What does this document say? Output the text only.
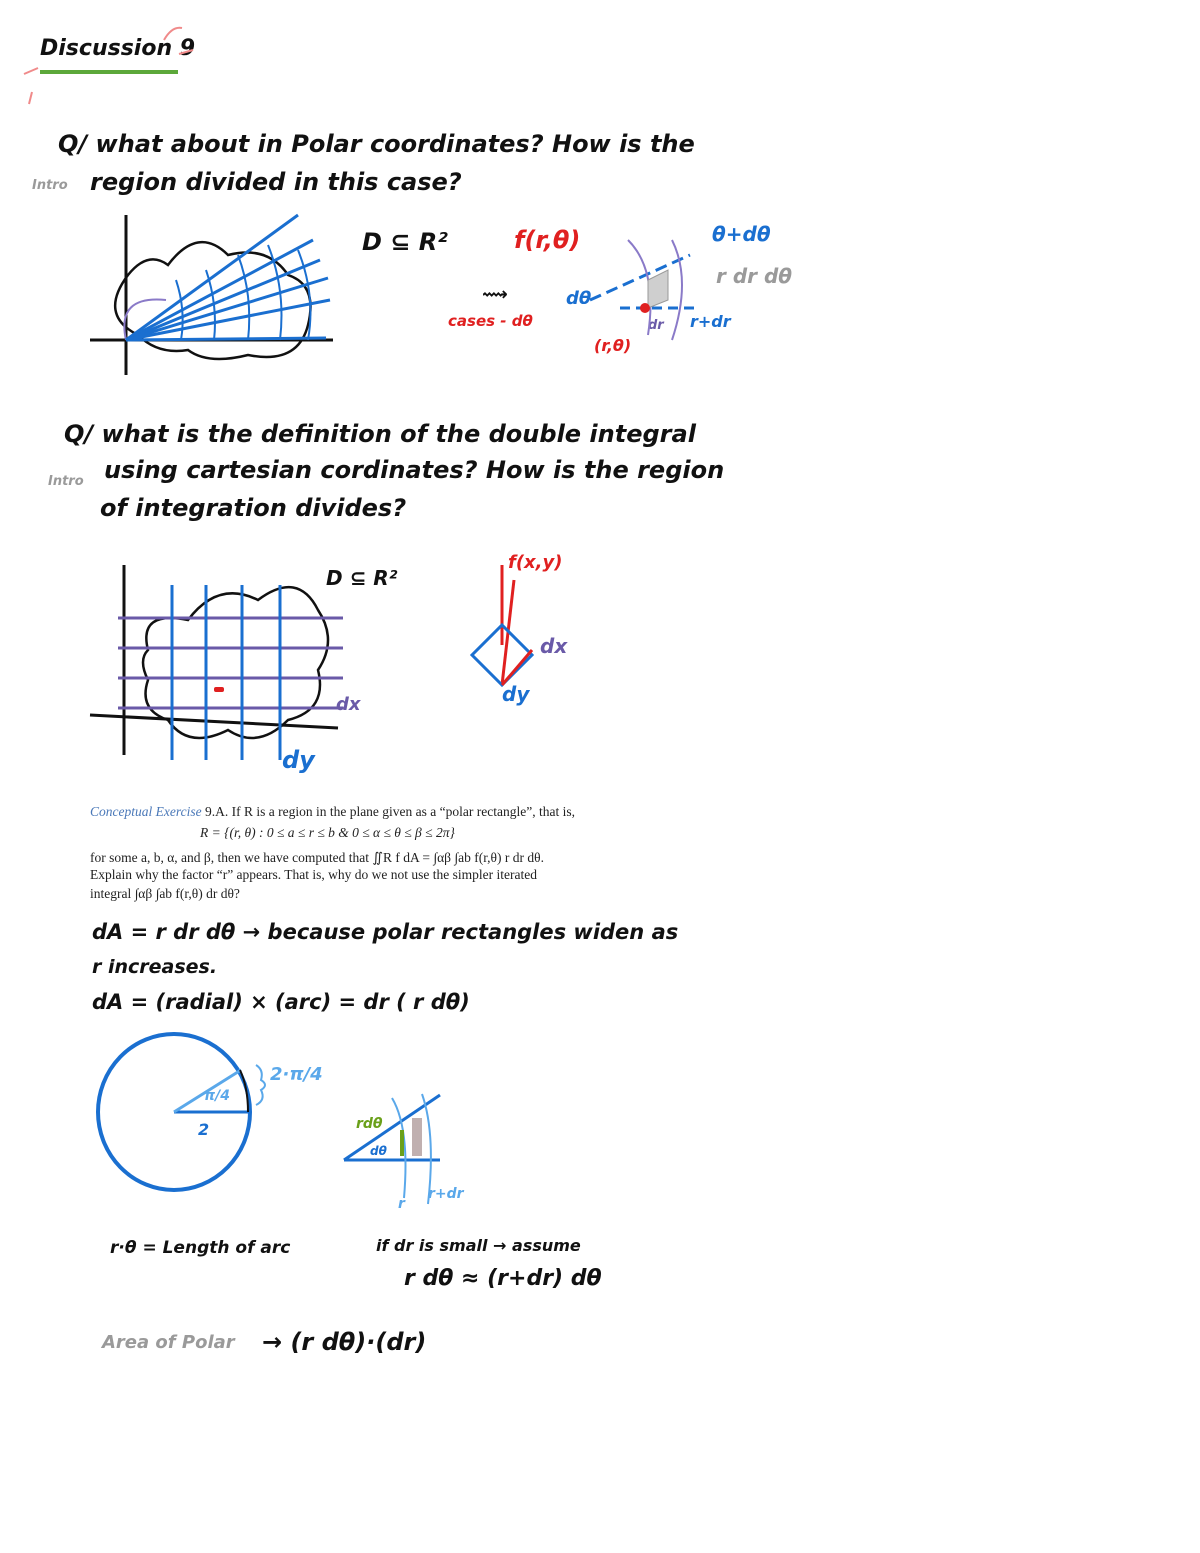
Discussion 9
Q/ what about in Polar coordinates? How is the
region divided in this case?
Intro
D ⊆ R²	f(r,θ)	θ+dθ
r dr dθ
⟿
cases - dθ
dθ
(r,θ)
dr r+dr
Q/ what is the definition of the double integral
using cartesian cordinates? How is the region
of integration divides?
Intro
D ⊆ R²
dx
dy
f(x,y)
dx
dy
Conceptual Exercise 9.A. If R is a region in the plane given as a “polar rectangle”, that is,
R = {(r, θ) : 0 ≤ a ≤ r ≤ b & 0 ≤ α ≤ θ ≤ β ≤ 2π}
for some a, b, α, and β, then we have computed that ∬R f dA = ∫αβ ∫ab f(r,θ) r dr dθ.
Explain why the factor “r” appears. That is, why do we not use the simpler iterated
integral ∫αβ ∫ab f(r,θ) dr dθ?
dA = r dr dθ → because polar rectangles widen as
r increases.
dA = (radial) × (arc) = dr ( r dθ)
2·π/4
π/4
2	rdθ
dθ
r
r+dr
r·θ = Length of arc	if dr is small → assume
r dθ ≈ (r+dr) dθ
Area of Polar → (r dθ)·(dr)
